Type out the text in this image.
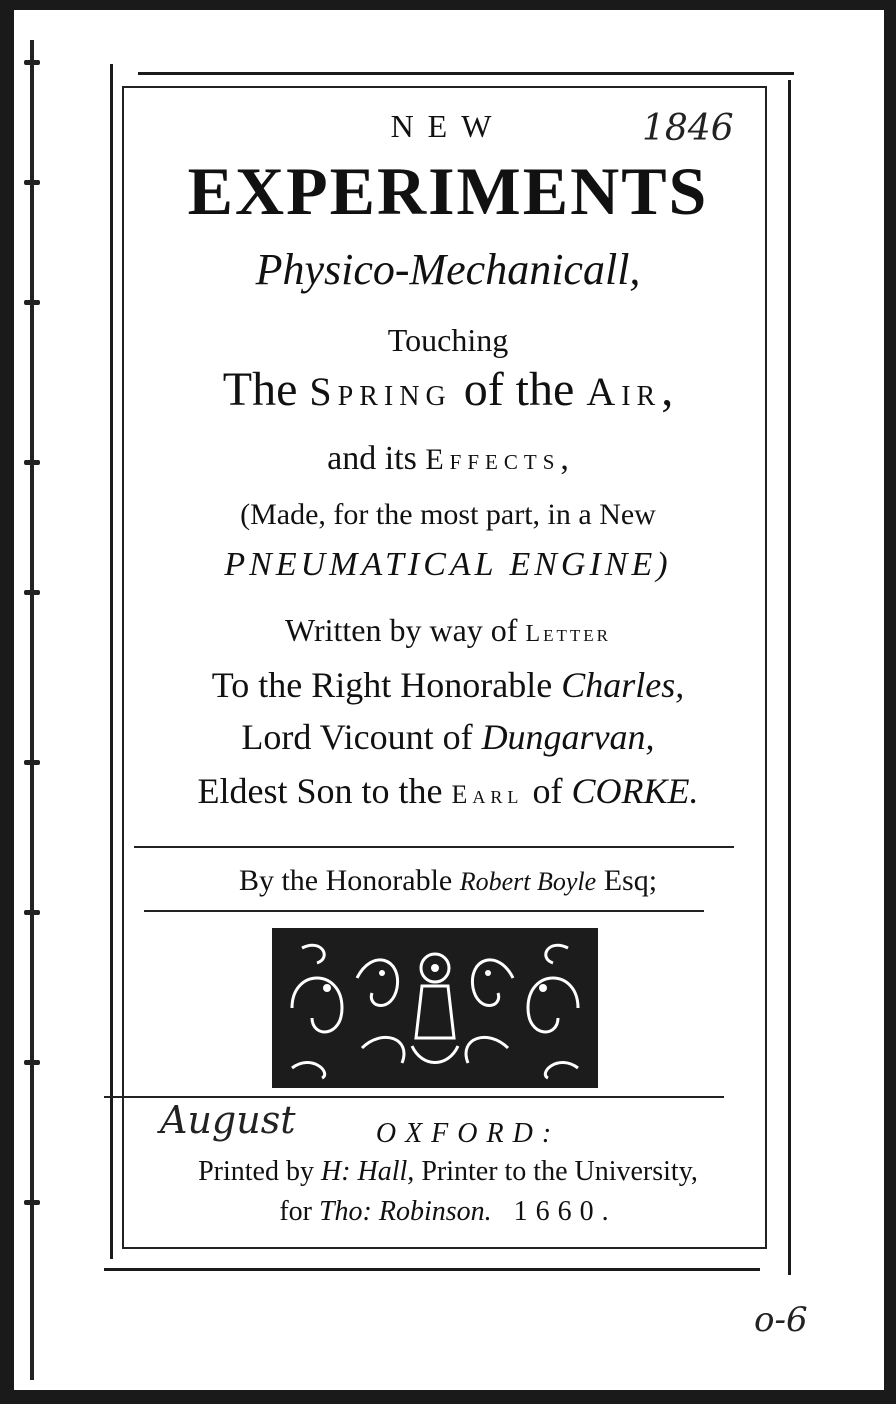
NEW
EXPERIMENTS
Physico-Mechanicall,
Touching
The Spring of the Air,
and its Effects,
(Made, for the most part, in a New
PNEUMATICAL ENGINE)
Written by way of Letter
To the Right Honorable Charles,
Lord Vicount of Dungarvan,
Eldest Son to the Earl of CORKE.
By the Honorable Robert Boyle Esq;
OXFORD:
Printed by H: Hall, Printer to the University,
for Tho: Robinson. 1660.
1846
August
o-6
